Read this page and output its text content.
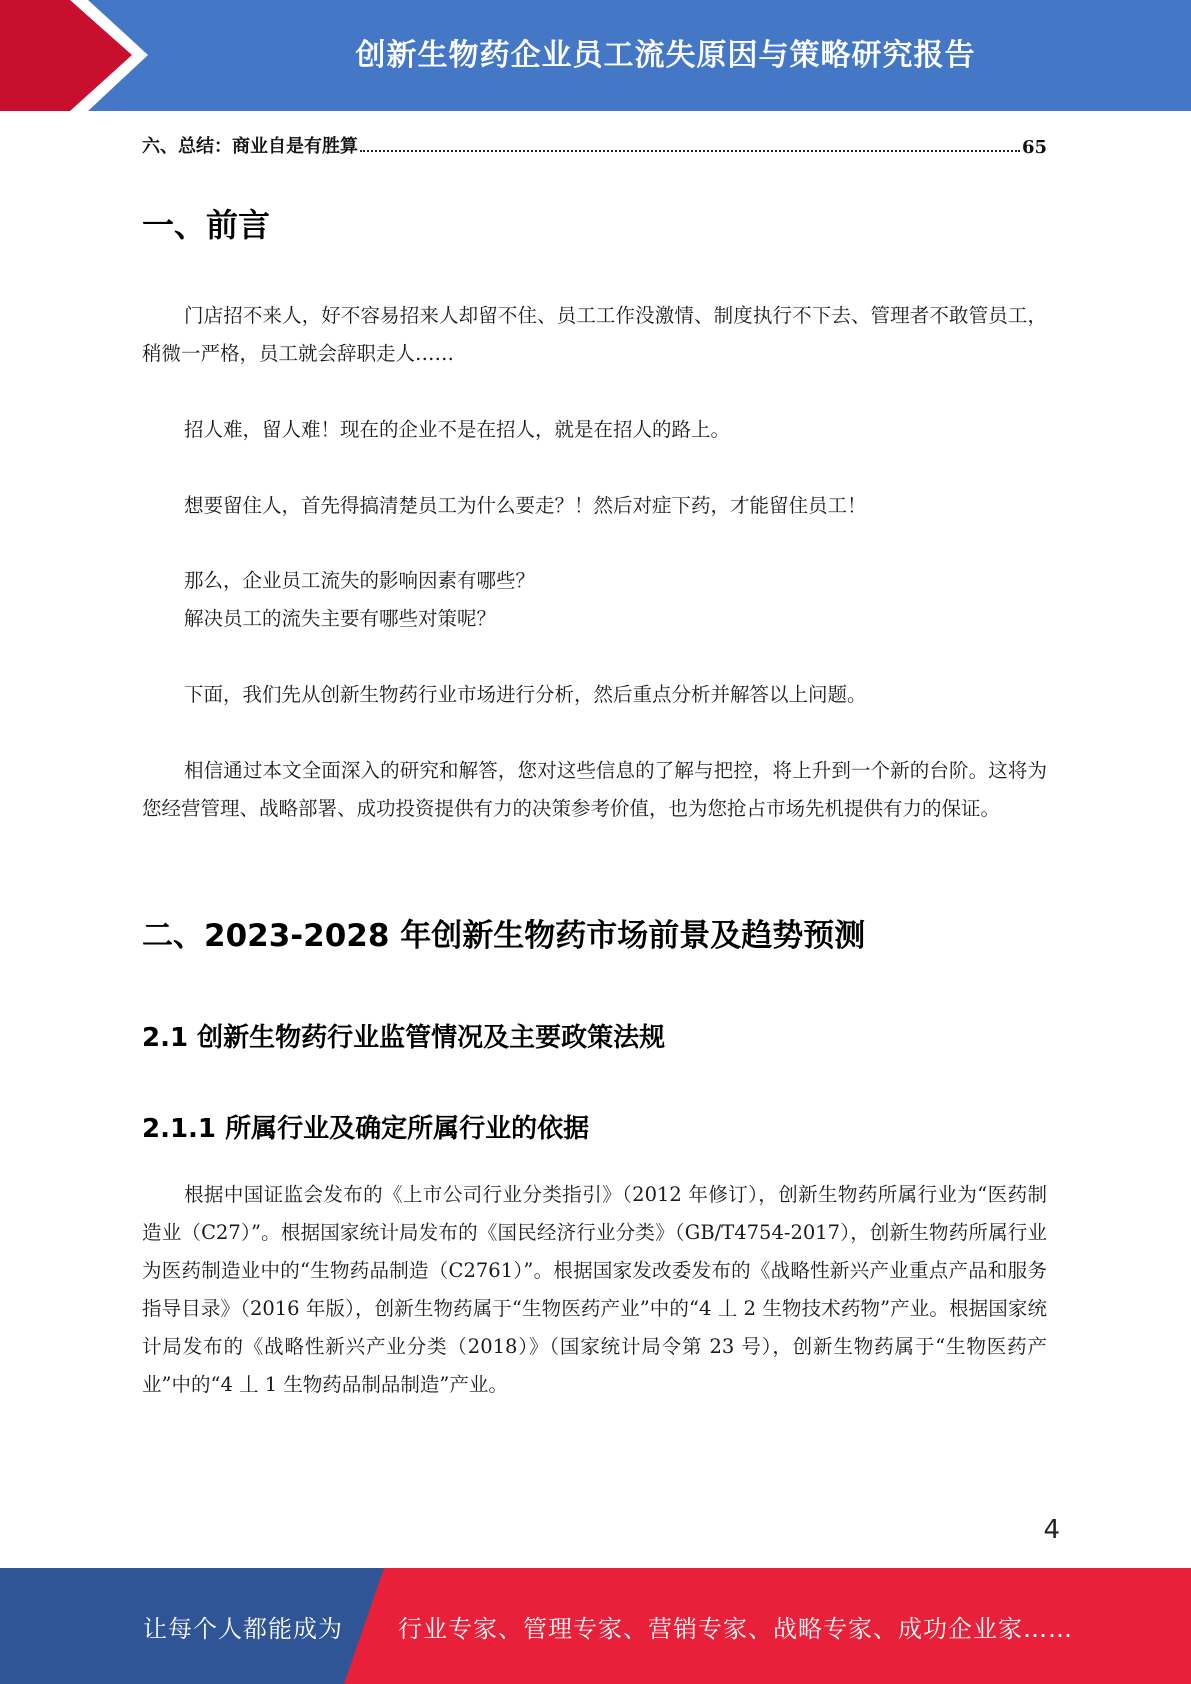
创新生物药企业员工流失原因与策略研究报告
六、总结：商业自是有胜算	65
一、前言
门店招不来人，好不容易招来人却留不住、员工工作没激情、制度执行不下去、管理者不敢管员工，稍微一严格，员工就会辞职走人……
招人难，留人难！现在的企业不是在招人，就是在招人的路上。
想要留住人，首先得搞清楚员工为什么要走？！然后对症下药，才能留住员工！
那么，企业员工流失的影响因素有哪些？
解决员工的流失主要有哪些对策呢？
下面，我们先从创新生物药行业市场进行分析，然后重点分析并解答以上问题。
相信通过本文全面深入的研究和解答，您对这些信息的了解与把控，将上升到一个新的台阶。这将为您经营管理、战略部署、成功投资提供有力的决策参考价值，也为您抢占市场先机提供有力的保证。
二、2023-2028 年创新生物药市场前景及趋势预测
2.1 创新生物药行业监管情况及主要政策法规
2.1.1 所属行业及确定所属行业的依据
根据中国证监会发布的《上市公司行业分类指引》（2012 年修订），创新生物药所属行业为“医药制造业（C27）”。根据国家统计局发布的《国民经济行业分类》（GB/T4754-2017），创新生物药所属行业为医药制造业中的“生物药品制造（C2761）”。根据国家发改委发布的《战略性新兴产业重点产品和服务指导目录》（2016 年版），创新生物药属于“生物医药产业”中的“4 丄 2 生物技术药物”产业。根据国家统计局发布的《战略性新兴产业分类（2018）》（国家统计局令第 23 号），创新生物药属于“生物医药产业”中的“4 丄 1 生物药品制品制造”产业。
4
让每个人都能成为 行业专家、管理专家、营销专家、战略专家、成功企业家……
